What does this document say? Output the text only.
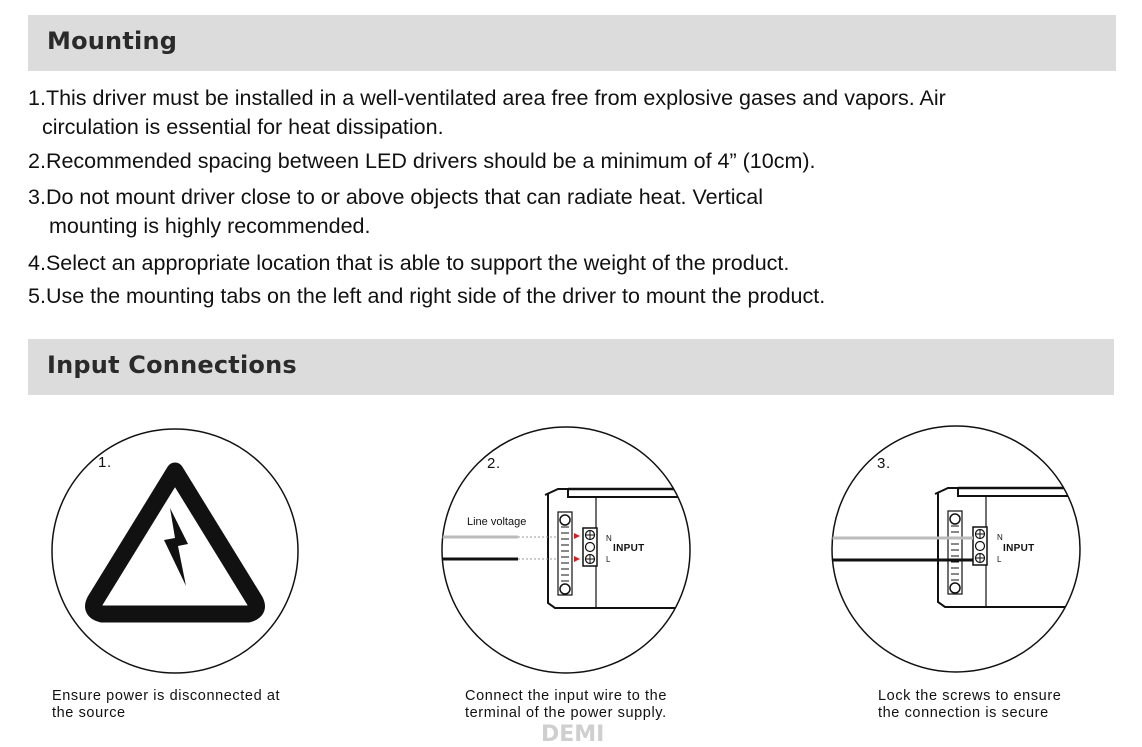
Mounting
1.This driver must be installed in a well-ventilated area free from explosive gases and vapors. Air
circulation is essential for heat dissipation.
2.Recommended spacing between LED drivers should be a minimum of 4” (10cm).
3.Do not mount driver close to or above objects that can radiate heat. Vertical
mounting is highly recommended.
4.Select an appropriate location that is able to support the weight of the product.
5.Use the mounting tabs on the left and right side of the driver to mount the product.
Input Connections
1.	2.
Line voltage
N
INPUT
L
3.
N
INPUT
L
Ensure power is disconnected at
the source
Connect the input wire to the
terminal of the power supply.
Lock the screws to ensure
the connection is secure
DEMI
